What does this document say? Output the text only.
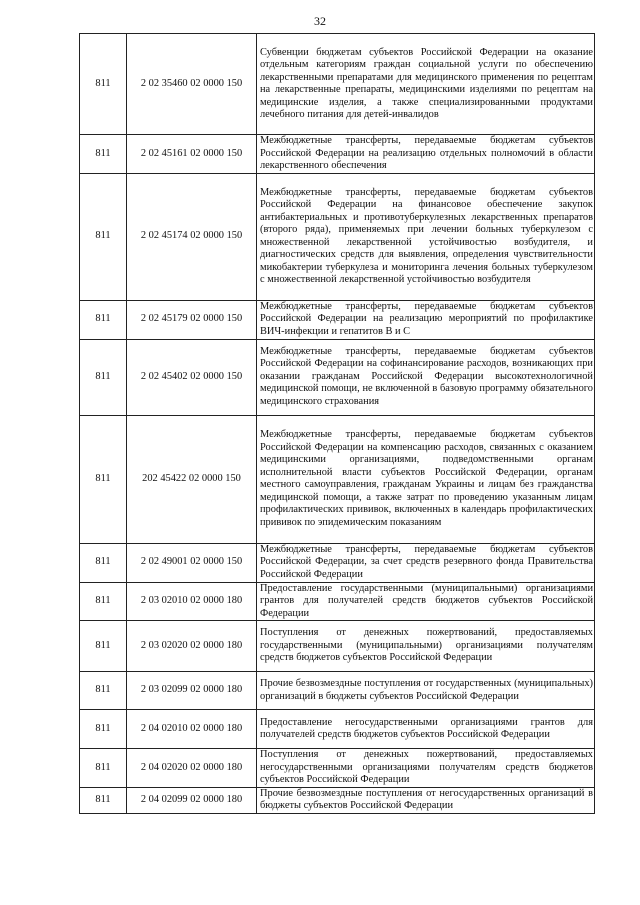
32
811	2 02 35460 02 0000 150	Субвенции бюджетам субъектов Российской Федерации на оказание отдельным категориям граждан социальной услуги по обеспечению лекарственными препаратами для медицинского применения по рецептам на лекарственные препараты, медицинскими изделиями по рецептам на медицинские изделия, а также специализированными продуктами лечебного питания для детей-инвалидов

811	2 02 45161 02 0000 150	Межбюджетные трансферты, передаваемые бюджетам субъектов Российской Федерации на реализацию отдельных полномочий в области лекарственного обеспечения

811	2 02 45174 02 0000 150	Межбюджетные трансферты, передаваемые бюджетам субъектов Российской Федерации на финансовое обеспечение закупок антибактериальных и противотуберкулезных лекарственных препаратов (второго ряда), применяемых при лечении больных туберкулезом с множественной лекарственной устойчивостью возбудителя, и диагностических средств для выявления, определения чувствительности микобактерии туберкулеза и мониторинга лечения больных туберкулезом с множественной лекарственной устойчивостью возбудителя

811	2 02 45179 02 0000 150	Межбюджетные трансферты, передаваемые бюджетам субъектов Российской Федерации на реализацию мероприятий по профилактике ВИЧ-инфекции и гепатитов В и С

811	2 02 45402 02 0000 150	Межбюджетные трансферты, передаваемые бюджетам субъектов Российской Федерации на софинансирование расходов, возникающих при оказании гражданам Российской Федерации высокотехнологичной медицинской помощи, не включенной в базовую программу обязательного медицинского страхования

811	202 45422 02 0000 150	Межбюджетные трансферты, передаваемые бюджетам субъектов Российской Федерации на компенсацию расходов, связанных с оказанием медицинскими организациями, подведомственными органам исполнительной власти субъектов Российской Федерации, органам местного самоуправления, гражданам Украины и лицам без гражданства медицинской помощи, а также затрат по проведению указанным лицам профилактических прививок, включенных в календарь профилактических прививок по эпидемическим показаниям

811	2 02 49001 02 0000 150	Межбюджетные трансферты, передаваемые бюджетам субъектов Российской Федерации, за счет средств резервного фонда Правительства Российской Федерации

811	2 03 02010 02 0000 180	Предоставление государственными (муниципальными) организациями грантов для получателей средств бюджетов субъектов Российской Федерации

811	2 03 02020 02 0000 180	Поступления от денежных пожертвований, предоставляемых государственными (муниципальными) организациями получателям средств бюджетов субъектов Российской Федерации

811	2 03 02099 02 0000 180	Прочие безвозмездные поступления от государственных (муниципальных) организаций в бюджеты субъектов Российской Федерации

811	2 04 02010 02 0000 180	Предоставление негосударственными организациями грантов для получателей средств бюджетов субъектов Российской Федерации

811	2 04 02020 02 0000 180	Поступления от денежных пожертвований, предоставляемых негосударственными организациями получателям средств бюджетов субъектов Российской Федерации

811	2 04 02099 02 0000 180	Прочие безвозмездные поступления от негосударственных организаций в бюджеты субъектов Российской Федерации
